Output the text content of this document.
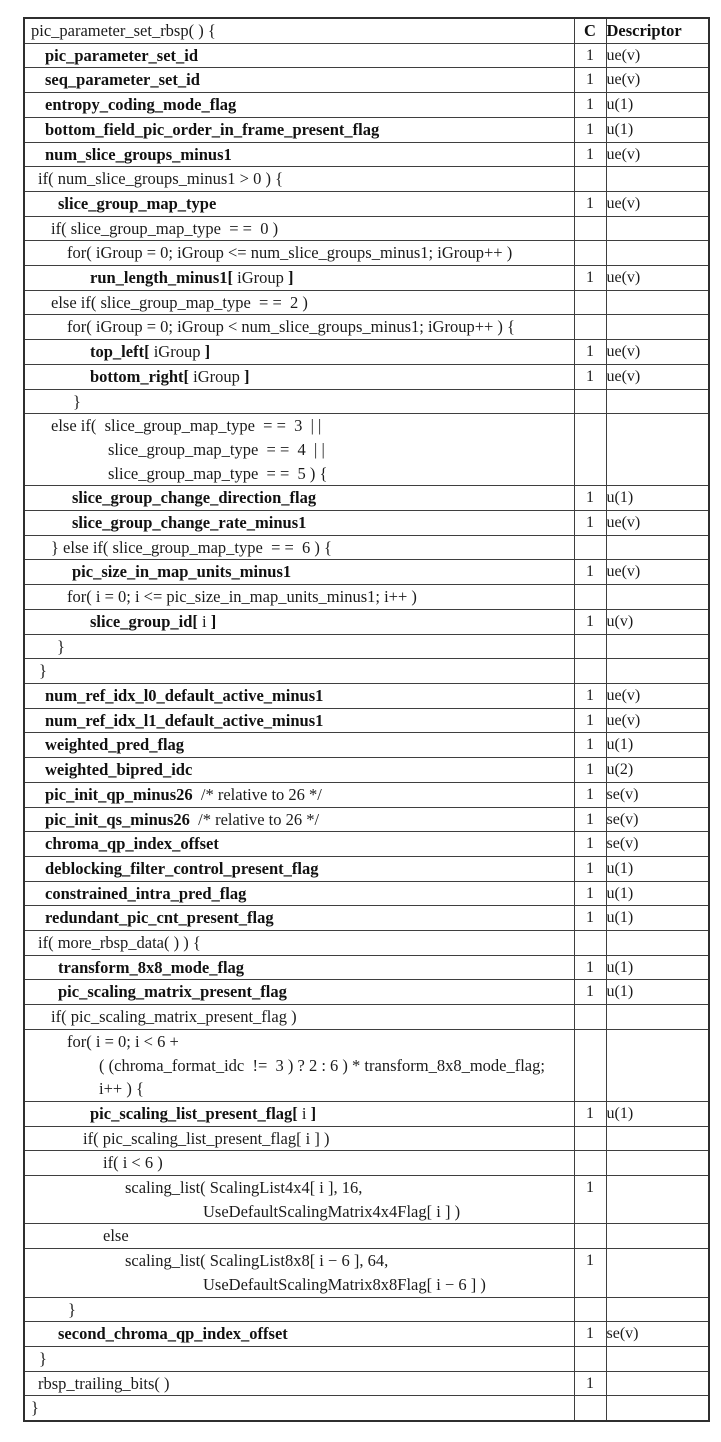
pic_parameter_set_rbsp( ) {	C	Descriptor

pic_parameter_set_id	1	ue(v)

seq_parameter_set_id	1	ue(v)

entropy_coding_mode_flag	1	u(1)

bottom_field_pic_order_in_frame_present_flag	1	u(1)

num_slice_groups_minus1	1	ue(v)

if( num_slice_groups_minus1 > 0 ) {		

slice_group_map_type	1	ue(v)

if( slice_group_map_type  = =  0 )		

for( iGroup = 0; iGroup <= num_slice_groups_minus1; iGroup++ )		

run_length_minus1[ iGroup ]	1	ue(v)

else if( slice_group_map_type  = =  2 )		

for( iGroup = 0; iGroup < num_slice_groups_minus1; iGroup++ ) {		

top_left[ iGroup ]	1	ue(v)

bottom_right[ iGroup ]	1	ue(v)

}		

else if(  slice_group_map_type  = =  3  | |
slice_group_map_type  = =  4  | |
slice_group_map_type  = =  5 ) {		

slice_group_change_direction_flag	1	u(1)

slice_group_change_rate_minus1	1	ue(v)

} else if( slice_group_map_type  = =  6 ) {		

pic_size_in_map_units_minus1	1	ue(v)

for( i = 0; i <= pic_size_in_map_units_minus1; i++ )		

slice_group_id[ i ]	1	u(v)

}		

}		

num_ref_idx_l0_default_active_minus1	1	ue(v)

num_ref_idx_l1_default_active_minus1	1	ue(v)

weighted_pred_flag	1	u(1)

weighted_bipred_idc	1	u(2)

pic_init_qp_minus26  /* relative to 26 */	1	se(v)

pic_init_qs_minus26  /* relative to 26 */	1	se(v)

chroma_qp_index_offset	1	se(v)

deblocking_filter_control_present_flag	1	u(1)

constrained_intra_pred_flag	1	u(1)

redundant_pic_cnt_present_flag	1	u(1)

if( more_rbsp_data( ) ) {		

transform_8x8_mode_flag	1	u(1)

pic_scaling_matrix_present_flag	1	u(1)

if( pic_scaling_matrix_present_flag )		

for( i = 0; i < 6 +
( (chroma_format_idc  !=  3 ) ? 2 : 6 ) * transform_8x8_mode_flag;
i++ ) {		

pic_scaling_list_present_flag[ i ]	1	u(1)

if( pic_scaling_list_present_flag[ i ] )		

if( i < 6 )		

scaling_list( ScalingList4x4[ i ], 16,
UseDefaultScalingMatrix4x4Flag[ i ] )	1	

else		

scaling_list( ScalingList8x8[ i − 6 ], 64,
UseDefaultScalingMatrix8x8Flag[ i − 6 ] )	1	

}		

second_chroma_qp_index_offset	1	se(v)

}		

rbsp_trailing_bits( )	1	

}		
